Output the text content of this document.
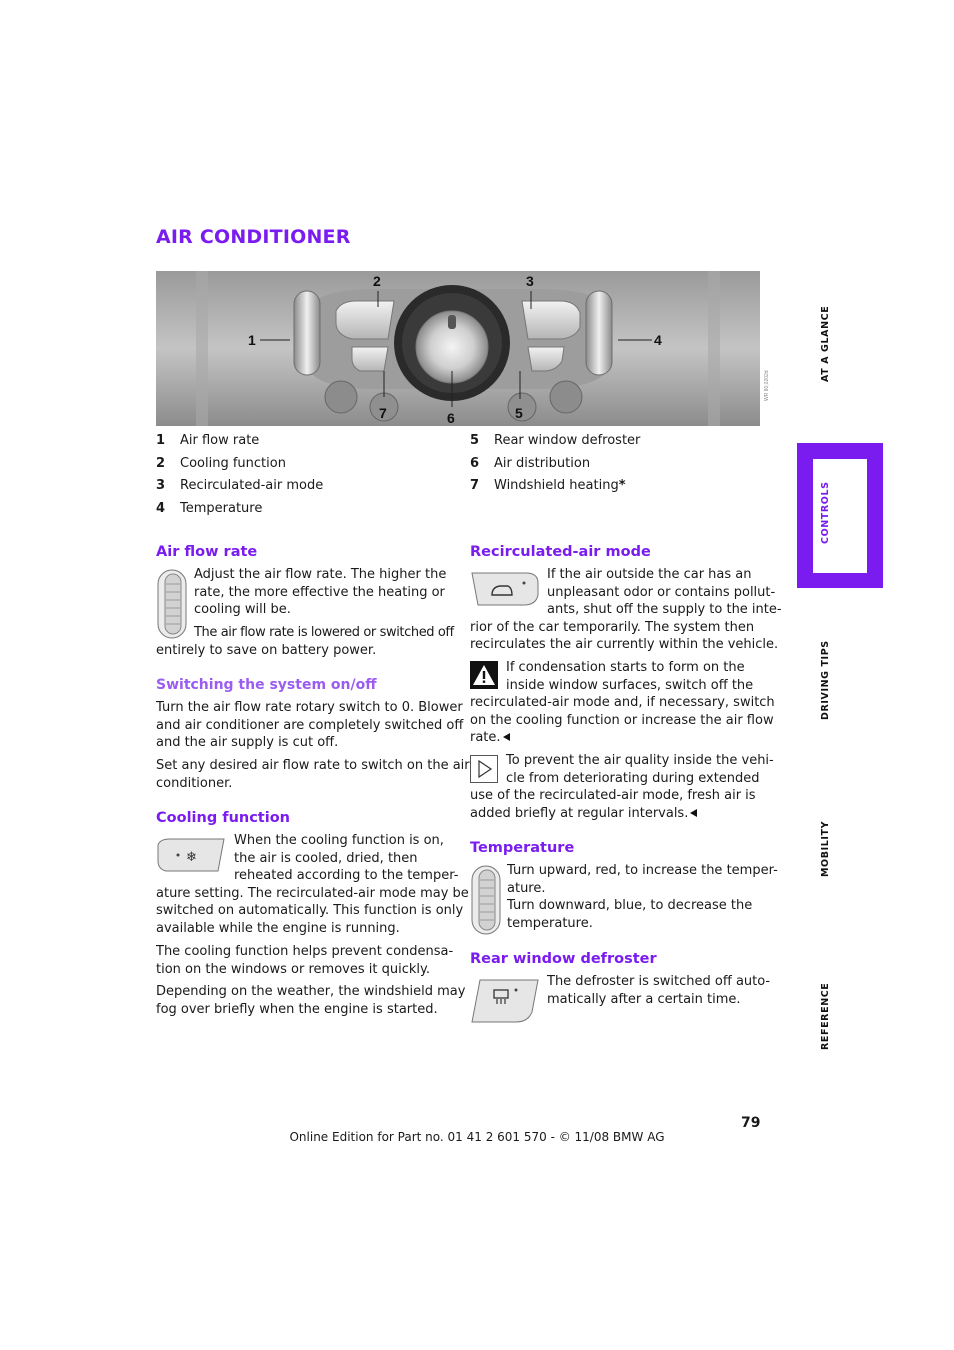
AIR CONDITIONER
1
2	3
4
5
6
7
WR 80,0202d
1	Air flow rate
2	Cooling function
3	Recirculated-air mode
4	Temperature
5	Rear window defroster
6	Air distribution
7	Windshield heating *
Air flow rate
Adjust the air flow rate. The higher the
rate, the more effective the heating or
cooling will be.
The air flow rate is lowered or switched off
entirely to save on battery power.
Switching the system on/off
Turn the air flow rate rotary switch to 0. Blower
and air conditioner are completely switched off
and the air supply is cut off.
Set any desired air flow rate to switch on the air
conditioner.
Cooling function
❄
When the cooling function is on,
the air is cooled, dried, then
reheated according to the temper-
ature setting. The recirculated-air mode may be
switched on automatically. This function is only
available while the engine is running.
The cooling function helps prevent condensa-
tion on the windows or removes it quickly.
Depending on the weather, the windshield may
fog over briefly when the engine is started.
Recirculated-air mode
If the air outside the car has an
unpleasant odor or contains pollut-
ants, shut off the supply to the inte-
rior of the car temporarily. The system then
recirculates the air currently within the vehicle.
If condensation starts to form on the
inside window surfaces, switch off the
recirculated-air mode and, if necessary, switch
on the cooling function or increase the air flow
rate.
To prevent the air quality inside the vehi-
cle from deteriorating during extended
use of the recirculated-air mode, fresh air is
added briefly at regular intervals.
Temperature
Turn upward, red, to increase the temper-
ature.
Turn downward, blue, to decrease the
temperature.
Rear window defroster
The defroster is switched off auto-
matically after a certain time.
AT A GLANCE
CONTROLS
DRIVING TIPS
MOBILITY
REFERENCE
79
Online Edition for Part no. 01 41 2 601 570 - © 11/08 BMW AG
